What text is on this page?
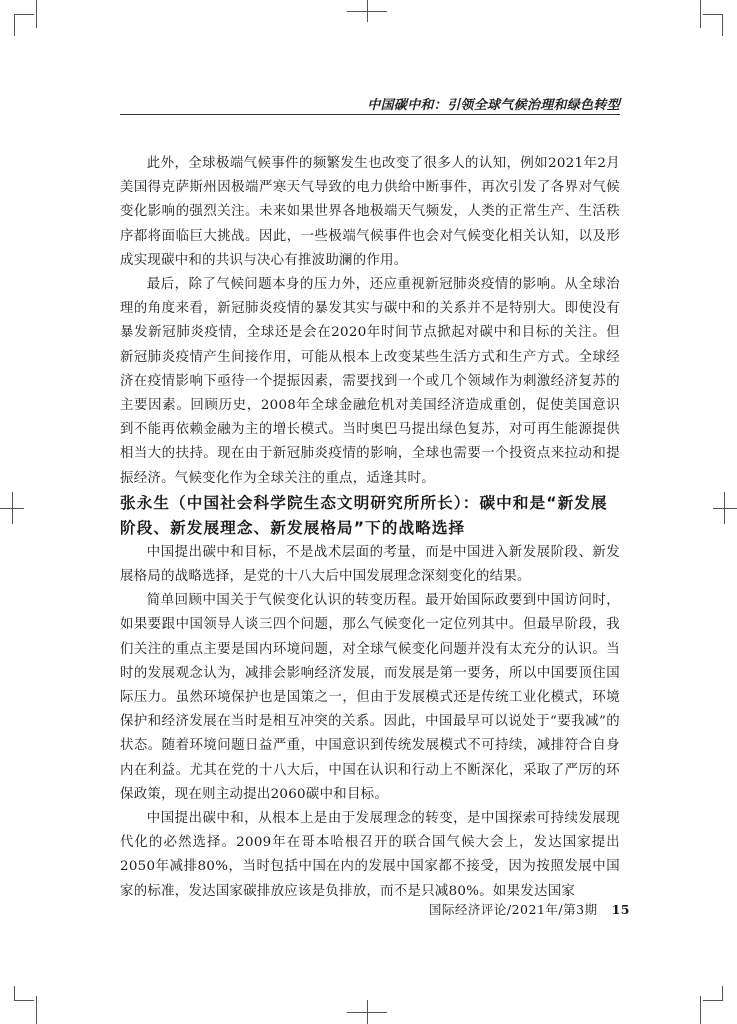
中国碳中和：引领全球气候治理和绿色转型

此外，全球极端气候事件的频繁发生也改变了很多人的认知，例如2021年2月美国得克萨斯州因极端严寒天气导致的电力供给中断事件，再次引发了各界对气候变化影响的强烈关注。未来如果世界各地极端天气频发，人类的正常生产、生活秩序都将面临巨大挑战。因此，一些极端气候事件也会对气候变化相关认知，以及形成实现碳中和的共识与决心有推波助澜的作用。

最后，除了气候问题本身的压力外，还应重视新冠肺炎疫情的影响。从全球治理的角度来看，新冠肺炎疫情的暴发其实与碳中和的关系并不是特别大。即使没有暴发新冠肺炎疫情，全球还是会在2020年时间节点掀起对碳中和目标的关注。但新冠肺炎疫情产生间接作用，可能从根本上改变某些生活方式和生产方式。全球经济在疫情影响下亟待一个提振因素，需要找到一个或几个领域作为刺激经济复苏的主要因素。回顾历史，2008年全球金融危机对美国经济造成重创，促使美国意识到不能再依赖金融为主的增长模式。当时奥巴马提出绿色复苏，对可再生能源提供相当大的扶持。现在由于新冠肺炎疫情的影响，全球也需要一个投资点来拉动和提振经济。气候变化作为全球关注的重点，适逢其时。

张永生（中国社会科学院生态文明研究所所长）：碳中和是“新发展阶段、新发展理念、新发展格局”下的战略选择

中国提出碳中和目标，不是战术层面的考量，而是中国进入新发展阶段、新发展格局的战略选择，是党的十八大后中国发展理念深刻变化的结果。

简单回顾中国关于气候变化认识的转变历程。最开始国际政要到中国访问时，如果要跟中国领导人谈三四个问题，那么气候变化一定位列其中。但最早阶段，我们关注的重点主要是国内环境问题，对全球气候变化问题并没有太充分的认识。当时的发展观念认为，减排会影响经济发展，而发展是第一要务，所以中国要顶住国际压力。虽然环境保护也是国策之一，但由于发展模式还是传统工业化模式，环境保护和经济发展在当时是相互冲突的关系。因此，中国最早可以说处于“要我减”的状态。随着环境问题日益严重，中国意识到传统发展模式不可持续，减排符合自身内在利益。尤其在党的十八大后，中国在认识和行动上不断深化，采取了严厉的环保政策，现在则主动提出2060碳中和目标。

中国提出碳中和，从根本上是由于发展理念的转变，是中国探索可持续发展现代化的必然选择。2009年在哥本哈根召开的联合国气候大会上，发达国家提出2050年减排80%，当时包括中国在内的发展中国家都不接受，因为按照发展中国家的标准，发达国家碳排放应该是负排放，而不是只减80%。如果发达国家

国际经济评论/2021年/第3期 15
